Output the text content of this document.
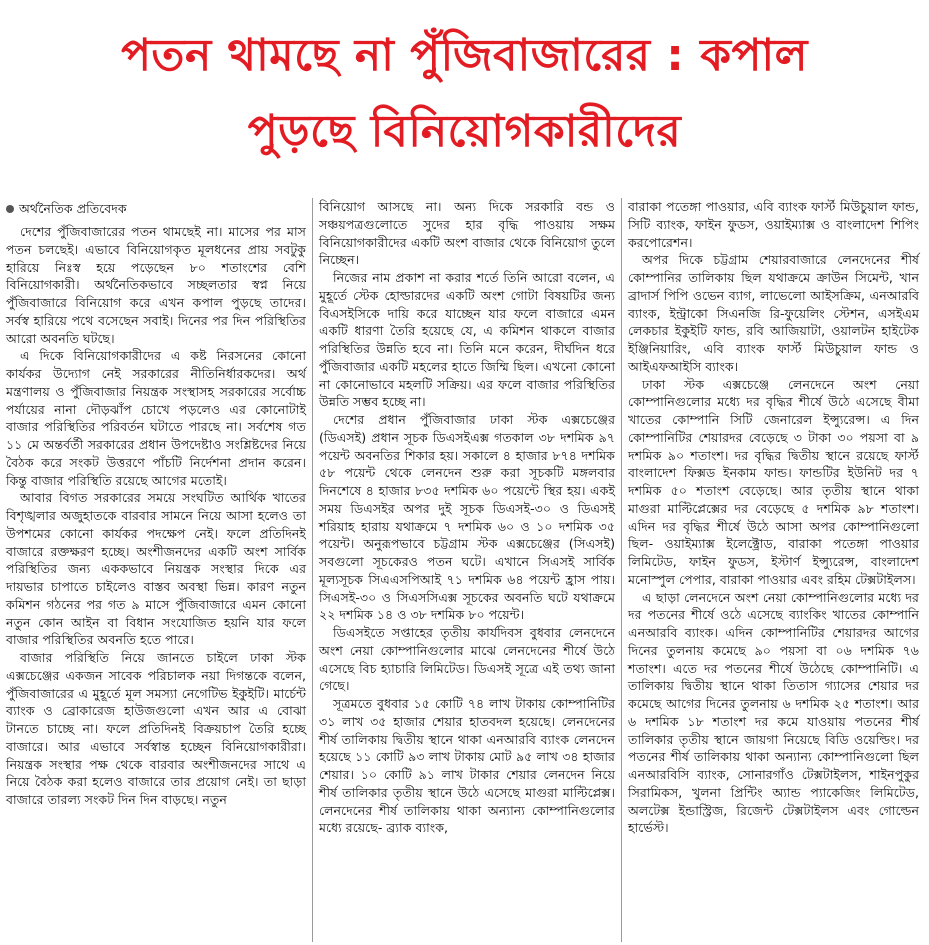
পতন থামছে না পুঁজিবাজারের : কপাল
পুড়ছে বিনিয়োগকারীদের
অর্থনৈতিক প্রতিবেদক

দেশের পুঁজিবাজারের পতন থামছেই না। মাসের পর মাস পতন চলছেই। এভাবে বিনিয়োগকৃত মূলধনের প্রায় সবটুকু হারিয়ে নিঃস্ব হয়ে পড়েছেন ৮০ শতাংশের বেশি বিনিয়োগকারী। অর্থনৈতিকভাবে সচ্ছলতার স্বপ্ন নিয়ে পুঁজিবাজারে বিনিয়োগ করে এখন কপাল পুড়ছে তাদের। সর্বস্ব হারিয়ে পথে বসেছেন সবাই। দিনের পর দিন পরিস্থিতির আরো অবনতি ঘটছে।

এ দিকে বিনিয়োগকারীদের এ কষ্ট নিরসনের কোনো কার্যকর উদ্যোগ নেই সরকারের নীতিনির্ধারকদের। অর্থ মন্ত্রণালয় ও পুঁজিবাজার নিয়ন্ত্রক সংস্থাসহ সরকারের সর্বোচ্চ পর্যায়ের নানা দৌড়ঝাঁপ চোখে পড়লেও এর কোনোটাই বাজার পরিস্থিতির পরিবর্তন ঘটাতে পারছে না। সর্বশেষ গত ১১ মে অন্তর্বর্তী সরকারের প্রধান উপদেষ্টাও সংশ্লিষ্টদের নিয়ে বৈঠক করে সংকট উত্তরণে পাঁচটি নির্দেশনা প্রদান করেন। কিন্তু বাজার পরিস্থিতি রয়েছে আগের মতোই।

আবার বিগত সরকারের সময়ে সংঘটিত আর্থিক খাতের বিশৃঙ্খলার অজুহাতকে বারবার সামনে নিয়ে আসা হলেও তা উপশমের কোনো কার্যকর পদক্ষেপ নেই। ফলে প্রতিদিনই বাজারে রক্তক্ষরণ হচ্ছে। অংশীজনদের একটি অংশ সার্বিক পরিস্থিতির জন্য এককভাবে নিয়ন্ত্রক সংস্থার দিকে এর দায়ভার চাপাতে চাইলেও বাস্তব অবস্থা ভিন্ন। কারণ নতুন কমিশন গঠনের পর গত ৯ মাসে পুঁজিবাজারে এমন কোনো নতুন কোন আইন বা বিধান সংযোজিত হয়নি যার ফলে বাজার পরিস্থিতির অবনতি হতে পারে।

বাজার পরিস্থিতি নিয়ে জানতে চাইলে ঢাকা স্টক এক্সচেঞ্জের একজন সাবেক পরিচালক নয়া দিগন্তকে বলেন, পুঁজিবাজারের এ মুহূর্তে মূল সমস্যা নেগেটিভ ইকুইটি। মার্চেন্ট ব্যাংক ও ব্রোকারেজ হাউজগুলো এখন আর এ বোঝা টানতে চাচ্ছে না। ফলে প্রতিদিনই বিক্রয়চাপ তৈরি হচ্ছে বাজারে। আর এভাবে সর্বস্বান্ত হচ্ছেন বিনিয়োগকারীরা। নিয়ন্ত্রক সংস্থার পক্ষ থেকে বারবার অংশীজনদের সাথে এ নিয়ে বৈঠক করা হলেও বাজারে তার প্রয়োগ নেই। তা ছাড়া বাজারে তারল্য সংকট দিন দিন বাড়ছে। নতুন

বিনিয়োগ আসছে না। অন্য দিকে সরকারি বন্ড ও সঞ্চয়পত্রগুলোতে সুদের হার বৃদ্ধি পাওয়ায় সক্ষম বিনিয়োগকারীদের একটি অংশ বাজার থেকে বিনিয়োগ তুলে নিচ্ছেন।

নিজের নাম প্রকাশ না করার শর্তে তিনি আরো বলেন, এ মুহূর্তে স্টেক হোল্ডারদের একটি অংশ গোটা বিষয়টির জন্য বিএসইসিকে দায়ি করে যাচ্ছেন যার ফলে বাজারে এমন একটি ধারণা তৈরি হয়েছে যে, এ কমিশন থাকলে বাজার পরিস্থিতির উন্নতি হবে না। তিনি মনে করেন, দীর্ঘদিন ধরে পুঁজিবাজার একটি মহলের হাতে জিম্মি ছিল। এখনো কোনো না কোনোভাবে মহলটি সক্রিয়। এর ফলে বাজার পরিস্থিতির উন্নতি সম্ভব হচ্ছে না।

দেশের প্রধান পুঁজিবাজার ঢাকা স্টক এক্সচেঞ্জের (ডিএসই) প্রধান সূচক ডিএসইএক্স গতকাল ৩৮ দশমিক ৯৭ পয়েন্ট অবনতির শিকার হয়। সকালে ৪ হাজার ৮৭৪ দশমিক ৫৮ পয়েন্ট থেকে লেনদেন শুরু করা সূচকটি মঙ্গলবার দিনশেষে ৪ হাজার ৮৩৫ দশমিক ৬০ পয়েন্টে স্থির হয়। একই সময় ডিএসইর অপর দুই সূচক ডিএসই-৩০ ও ডিএসই শরিয়াহ হারায় যথাক্রমে ৭ দশমিক ৬০ ও ১০ দশমিক ৩৫ পয়েন্ট। অনুরূপভাবে চট্টগ্রাম স্টক এক্সচেঞ্জের (সিএসই) সবগুলো সূচকেরও পতন ঘটে। এখানে সিএসই সার্বিক মূল্যসূচক সিএএসপিআই ৭১ দশমিক ৬৪ পয়েন্ট হ্রাস পায়। সিএসই-৩০ ও সিএসসিএক্স সূচকের অবনতি ঘটে যথাক্রমে ২২ দশমিক ১৪ ও ৩৮ দশমিক ৮০ পয়েন্ট।

ডিএসইতে সপ্তাহের তৃতীয় কার্যদিবস বুধবার লেনদেনে অংশ নেয়া কোম্পানিগুলোর মাঝে লেনদেনের শীর্ষে উঠে এসেছে বিচ হ্যাচারি লিমিটেড। ডিএসই সূত্রে এই তথ্য জানা গেছে।

সূত্রমতে বুধবার ১৫ কোটি ৭৪ লাখ টাকায় কোম্পানিটির ৩১ লাখ ৩৫ হাজার শেয়ার হাতবদল হয়েছে। লেনদেনের শীর্ষ তালিকায় দ্বিতীয় স্থানে থাকা এনআরবি ব্যাংক লেনদেন হয়েছে ১১ কোটি ৯৩ লাখ টাকায় মোট ৯৫ লাখ ৩৪ হাজার শেয়ার। ১০ কোটি ৯১ লাখ টাকার শেয়ার লেনদেন নিয়ে শীর্ষ তালিকার তৃতীয় স্থানে উঠে এসেছে মাগুরা মাল্টিপ্লেক্স। লেনদেনের শীর্ষ তালিকায় থাকা অন্যান্য কোম্পানিগুলোর মধ্যে রয়েছে- ব্র্যাক ব্যাংক,

বারাকা পতেঙ্গা পাওয়ার, এবি ব্যাংক ফার্স্ট মিউচুয়াল ফান্ড, সিটি ব্যাংক, ফাইন ফুডস, ওয়াইম্যাক্স ও বাংলাদেশ শিপিং করপোরেশন।

অপর দিকে চট্টগ্রাম শেয়ারবাজারে লেনদেনের শীর্ষ কোম্পানির তালিকায় ছিল যথাক্রমে ক্রাউন সিমেন্ট, খান ব্রাদার্স পিপি ওভেন ব্যাগ, লাভেলো আইসক্রিম, এনআরবি ব্যাংক, ইন্ট্রাকো সিএনজি রি-ফুয়েলিং স্টেশন, এসইএম লেকচার ইকুইটি ফান্ড, রবি আজিয়াটা, ওয়ালটন হাইটেক ইঞ্জিনিয়ারিং, এবি ব্যাংক ফার্স্ট মিউচুয়াল ফান্ড ও আইএফআইসি ব্যাংক।

ঢাকা স্টক এক্সচেঞ্জে লেনদেনে অংশ নেয়া কোম্পানিগুলোর মধ্যে দর বৃদ্ধির শীর্ষে উঠে এসেছে বীমা খাতের কোম্পানি সিটি জেনারেল ইন্স্যুরেন্স। এ দিন কোম্পানিটির শেয়ারদর বেড়েছে ৩ টাকা ৩০ পয়সা বা ৯ দশমিক ৯০ শতাংশ। দর বৃদ্ধির দ্বিতীয় স্থানে রয়েছে ফার্স্ট বাংলাদেশ ফিক্সড ইনকাম ফান্ড। ফান্ডটির ইউনিট দর ৭ দশমিক ৫০ শতাংশ বেড়েছে। আর তৃতীয় স্থানে থাকা মাগুরা মাল্টিপ্লেক্সের দর বেড়েছে ৫ দশমিক ৯৮ শতাংশ। এদিন দর বৃদ্ধির শীর্ষে উঠে আসা অপর কোম্পানিগুলো ছিল- ওয়াইম্যাক্স ইলেক্ট্রোড, বারাকা পতেঙ্গা পাওয়ার লিমিটেড, ফাইন ফুডস, ইস্টার্ণ ইন্স্যুরেন্স, বাংলাদেশ মনোস্পুল পেপার, বারাকা পাওয়ার এবং রহিম টেক্সটাইলস।

এ ছাড়া লেনদেনে অংশ নেয়া কোম্পানিগুলোর মধ্যে দর দর পতনের শীর্ষে ওঠে এসেছে ব্যাংকিং খাতের কোম্পানি এনআরবি ব্যাংক। এদিন কোম্পানিটির শেয়ারদর আগের দিনের তুলনায় কমেছে ৯০ পয়সা বা ০৬ দশমিক ৭৬ শতাংশ। এতে দর পতনের শীর্ষে উঠেছে কোম্পানিটি। এ তালিকায় দ্বিতীয় স্থানে থাকা তিতাস গ্যাসের শেয়ার দর কমেছে আগের দিনের তুলনায় ৬ দশমিক ২৫ শতাংশ। আর ৬ দশমিক ১৮ শতাংশ দর কমে যাওয়ায় পতনের শীর্ষ তালিকার তৃতীয় স্থানে জায়গা নিয়েছে বিডি ওয়েল্ডিং। দর পতনের শীর্ষ তালিকায় থাকা অন্যান্য কোম্পানিগুলো ছিল এনআরবিসি ব্যাংক, সোনারগাঁও টেক্সটাইলস, শাইনপুকুর সিরামিকস, খুলনা প্রিন্টিং অ্যান্ড প্যাকেজিং লিমিটেড, অলটেক্স ইন্ডাস্ট্রিজ, রিজেন্ট টেক্সটাইলস এবং গোল্ডেন হার্ভেস্ট।
